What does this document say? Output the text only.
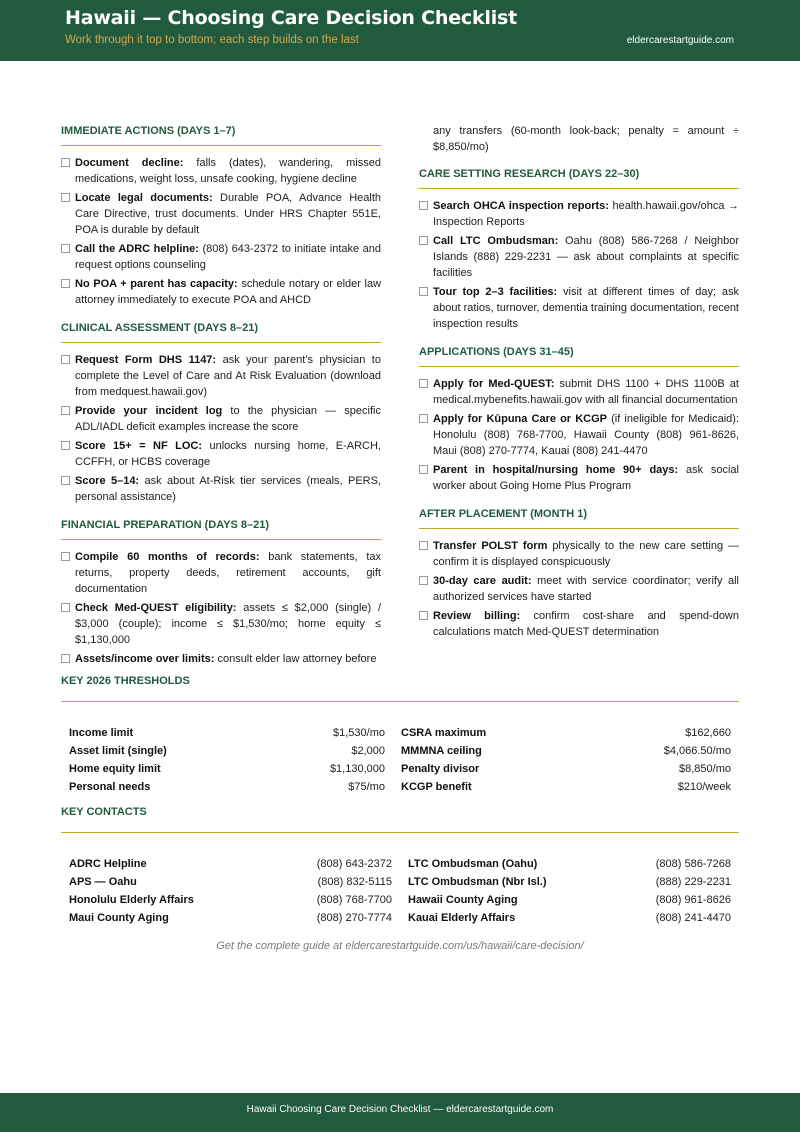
Hawaii — Choosing Care Decision Checklist
Work through it top to bottom; each step builds on the last	eldercarestartguide.com
IMMEDIATE ACTIONS (DAYS 1–7)
Document decline: falls (dates), wandering, missed medications, weight loss, unsafe cooking, hygiene decline
Locate legal documents: Durable POA, Advance Health Care Directive, trust documents. Under HRS Chapter 551E, POA is durable by default
Call the ADRC helpline: (808) 643-2372 to initiate intake and request options counseling
No POA + parent has capacity: schedule notary or elder law attorney immediately to execute POA and AHCD
CLINICAL ASSESSMENT (DAYS 8–21)
Request Form DHS 1147: ask your parent’s physician to complete the Level of Care and At Risk Evaluation (download from medquest.hawaii.gov)
Provide your incident log to the physician — specific ADL/IADL deficit examples increase the score
Score 15+ = NF LOC: unlocks nursing home, E-ARCH, CCFFH, or HCBS coverage
Score 5–14: ask about At-Risk tier services (meals, PERS, personal assistance)
FINANCIAL PREPARATION (DAYS 8–21)
Compile 60 months of records: bank statements, tax returns, property deeds, retirement accounts, gift documentation
Check Med-QUEST eligibility: assets ≤ $2,000 (single) / $3,000 (couple); income ≤ $1,530/mo; home equity ≤ $1,130,000
Assets/income over limits: consult elder law attorney before
any transfers (60-month look-back; penalty = amount ÷ $8,850/mo)
CARE SETTING RESEARCH (DAYS 22–30)
Search OHCA inspection reports: health.hawaii.gov/ohca → Inspection Reports
Call LTC Ombudsman: Oahu (808) 586-7268 / Neighbor Islands (888) 229-2231 — ask about complaints at specific facilities
Tour top 2–3 facilities: visit at different times of day; ask about ratios, turnover, dementia training documentation, recent inspection results
APPLICATIONS (DAYS 31–45)
Apply for Med-QUEST: submit DHS 1100 + DHS 1100B at medical.mybenefits.hawaii.gov with all financial documentation
Apply for Kūpuna Care or KCGP (if ineligible for Medicaid): Honolulu (808) 768-7700, Hawaii County (808) 961-8626, Maui (808) 270-7774, Kauai (808) 241-4470
Parent in hospital/nursing home 90+ days: ask social worker about Going Home Plus Program
AFTER PLACEMENT (MONTH 1)
Transfer POLST form physically to the new care setting — confirm it is displayed conspicuously
30-day care audit: meet with service coordinator; verify all authorized services have started
Review billing: confirm cost-share and spend-down calculations match Med-QUEST determination
KEY 2026 THRESHOLDS
Income limit	$1,530/mo CSRA maximum	$162,660
Asset limit (single)	$2,000 MMMNA ceiling	$4,066.50/mo
Home equity limit	$1,130,000 Penalty divisor	$8,850/mo
Personal needs	$75/mo KCGP benefit	$210/week
KEY CONTACTS
ADRC Helpline	(808) 643-2372 LTC Ombudsman (Oahu)	(808) 586-7268
APS — Oahu	(808) 832-5115 LTC Ombudsman (Nbr Isl.)	(888) 229-2231
Honolulu Elderly Affairs	(808) 768-7700 Hawaii County Aging	(808) 961-8626
Maui County Aging	(808) 270-7774 Kauai Elderly Affairs	(808) 241-4470
Get the complete guide at eldercarestartguide.com/us/hawaii/care-decision/
Hawaii Choosing Care Decision Checklist — eldercarestartguide.com
